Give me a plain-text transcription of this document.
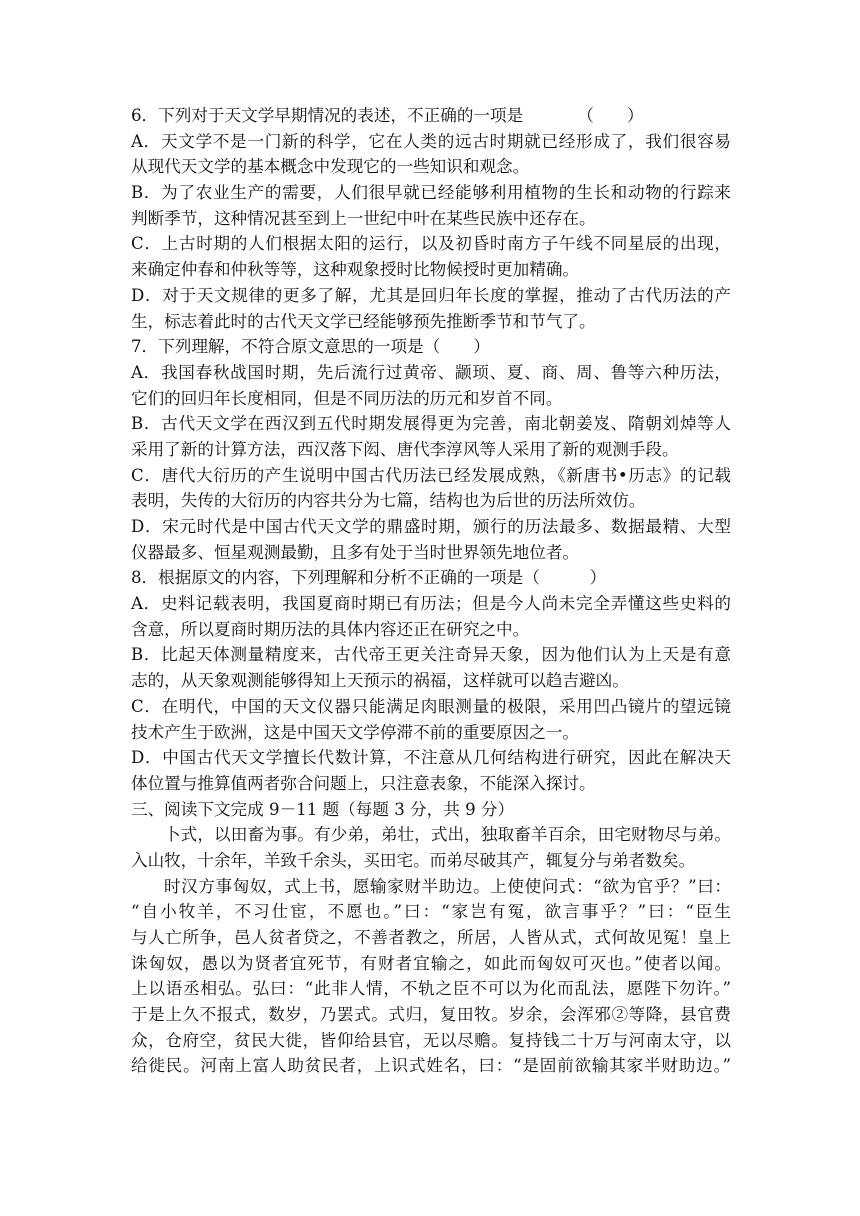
6．下列对于天文学早期情况的表述，不正确的一项是	（　　）
A．天文学不是一门新的科学，它在人类的远古时期就已经形成了，我们很容易
从现代天文学的基本概念中发现它的一些知识和观念。
B．为了农业生产的需要，人们很早就已经能够利用植物的生长和动物的行踪来
判断季节，这种情况甚至到上一世纪中叶在某些民族中还存在。
C．上古时期的人们根据太阳的运行，以及初昏时南方子午线不同星辰的出现，
来确定仲春和仲秋等等，这种观象授时比物候授时更加精确。
D．对于天文规律的更多了解，尤其是回归年长度的掌握，推动了古代历法的产
生，标志着此时的古代天文学已经能够预先推断季节和节气了。
7．下列理解，不符合原文意思的一项是（　　）
A．我国春秋战国时期，先后流行过黄帝、颛顼、夏、商、周、鲁等六种历法，
它们的回归年长度相同，但是不同历法的历元和岁首不同。
B．古代天文学在西汉到五代时期发展得更为完善，南北朝姜岌、隋朝刘焯等人
采用了新的计算方法，西汉落下闳、唐代李淳风等人采用了新的观测手段。
C．唐代大衍历的产生说明中国古代历法已经发展成熟，《新唐书•历志》的记载
表明，失传的大衍历的内容共分为七篇，结构也为后世的历法所效仿。
D．宋元时代是中国古代天文学的鼎盛时期，颁行的历法最多、数据最精、大型
仪器最多、恒星观测最勤，且多有处于当时世界领先地位者。
8．根据原文的内容，下列理解和分析不正确的一项是（　　　）
A．史料记载表明，我国夏商时期已有历法；但是今人尚未完全弄懂这些史料的
含意，所以夏商时期历法的具体内容还正在研究之中。
B．比起天体测量精度来，古代帝王更关注奇异天象，因为他们认为上天是有意
志的，从天象观测能够得知上天预示的祸福，这样就可以趋吉避凶。
C．在明代，中国的天文仪器只能满足肉眼测量的极限，采用凹凸镜片的望远镜
技术产生于欧洲，这是中国天文学停滞不前的重要原因之一。
D．中国古代天文学擅长代数计算，不注意从几何结构进行研究，因此在解决天
体位置与推算值两者弥合问题上，只注意表象，不能深入探讨。
三、阅读下文完成 9－11 题（每题 3 分，共 9 分）
卜式，以田畜为事。有少弟，弟壮，式出，独取畜羊百余，田宅财物尽与弟。
入山牧，十余年，羊致千余头，买田宅。而弟尽破其产，辄复分与弟者数矣。
时汉方事匈奴，式上书，愿输家财半助边。上使使问式：“欲为官乎？”曰：
“自小牧羊，不习仕宦，不愿也。”曰：“家岂有冤，欲言事乎？”曰：“臣生
与人亡所争，邑人贫者贷之，不善者教之，所居，人皆从式，式何故见冤！皇上
诛匈奴，愚以为贤者宜死节，有财者宜输之，如此而匈奴可灭也。”使者以闻。
上以语丞相弘。弘曰：“此非人情，不轨之臣不可以为化而乱法，愿陛下勿许。”
于是上久不报式，数岁，乃罢式。式归，复田牧。岁余，会浑邪②等降，县官费
众，仓府空，贫民大徙，皆仰给县官，无以尽赡。复持钱二十万与河南太守，以
给徙民。河南上富人助贫民者，上识式姓名，曰：“是固前欲输其家半财助边。”
